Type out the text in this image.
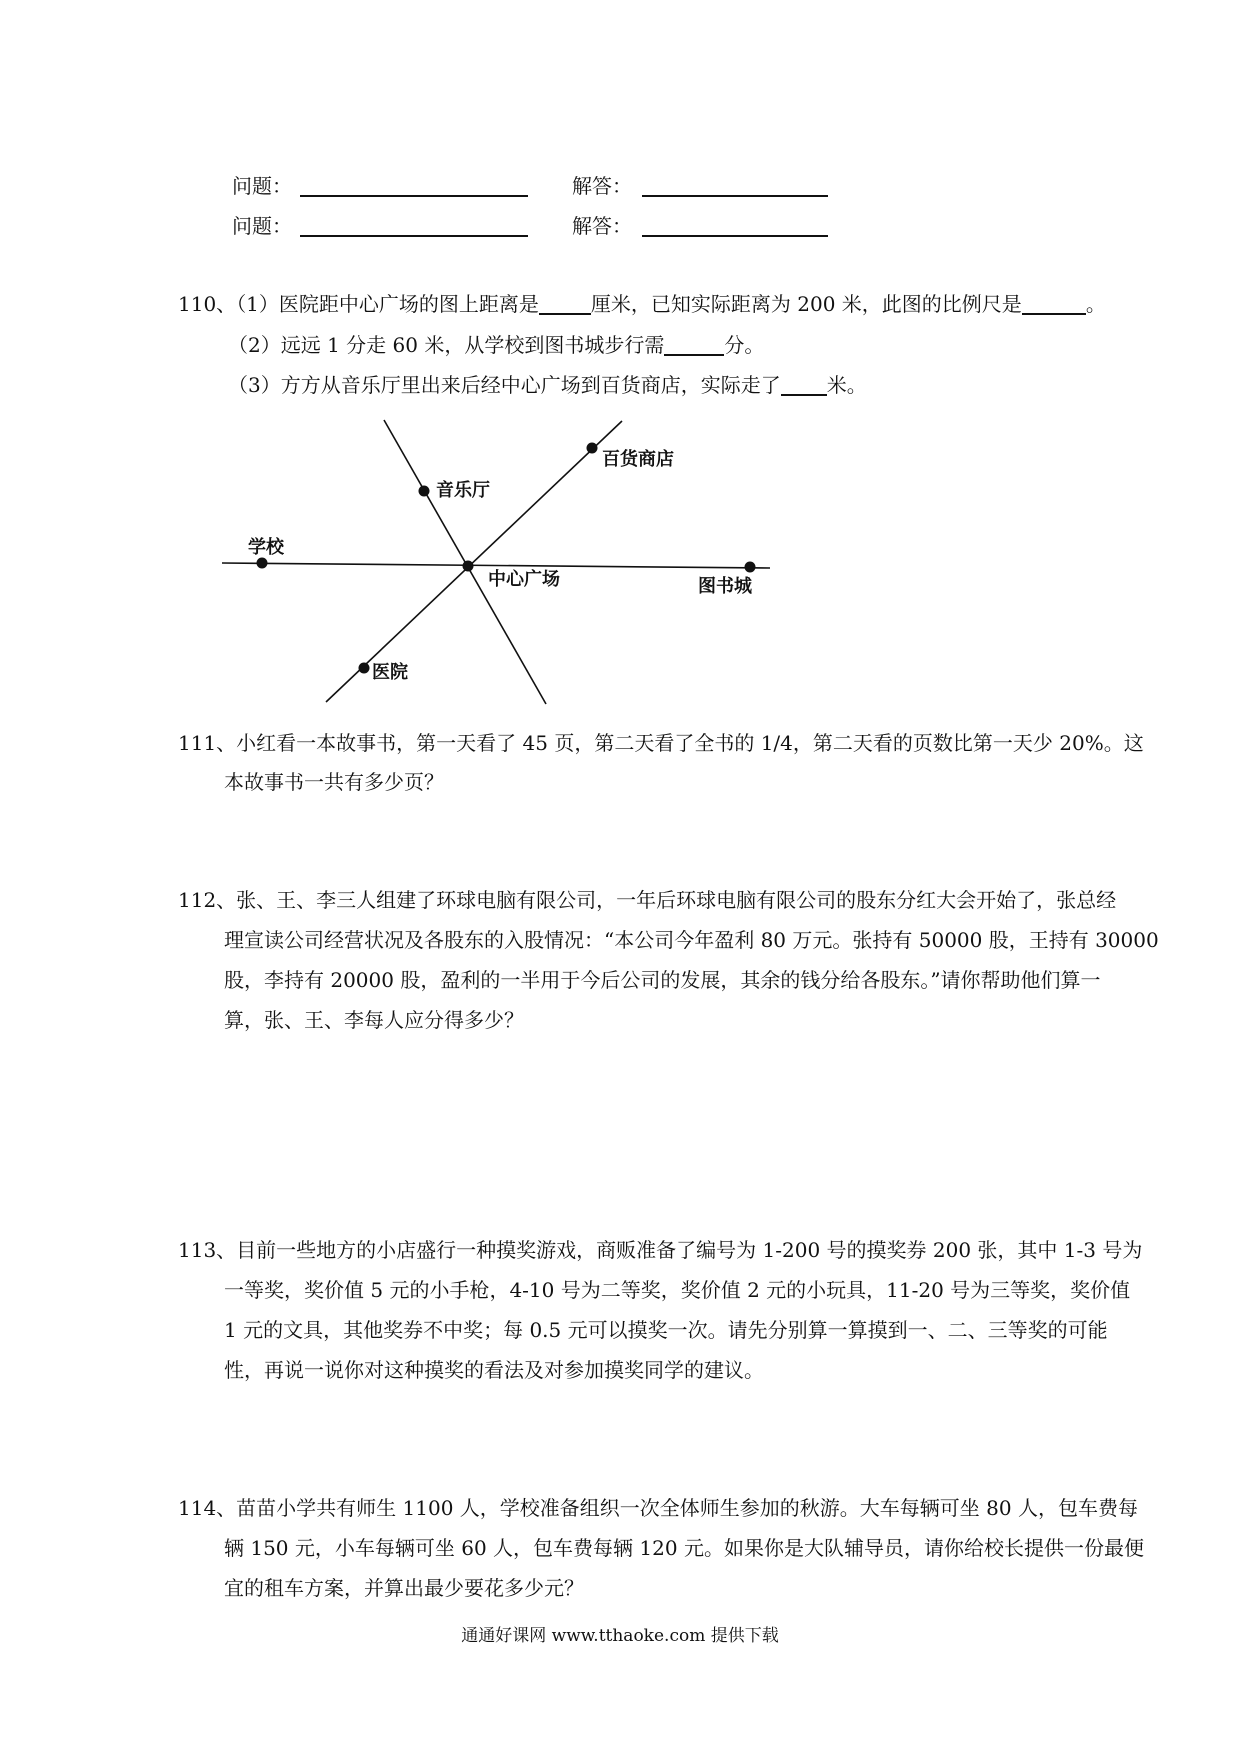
问题：	解答：
问题：	解答：
110、（1）医院距中心广场的图上距离是	厘米，已知实际距离为 200 米，此图的比例尺是	。
（2）远远 1 分走 60 米，从学校到图书城步行需	分。
（3）方方从音乐厅里出来后经中心广场到百货商店，实际走了 米。
音乐厅
百货商店
学校
中心广场	图书城
医院
111、小红看一本故事书，第一天看了 45 页，第二天看了全书的 1/4，第二天看的页数比第一天少 20%。这
本故事书一共有多少页？
112、张、王、李三人组建了环球电脑有限公司，一年后环球电脑有限公司的股东分红大会开始了，张总经
理宣读公司经营状况及各股东的入股情况：“本公司今年盈利 80 万元。张持有 50000 股，王持有 30000
股，李持有 20000 股，盈利的一半用于今后公司的发展，其余的钱分给各股东。”请你帮助他们算一
算，张、王、李每人应分得多少？
113、目前一些地方的小店盛行一种摸奖游戏，商贩准备了编号为 1-200 号的摸奖券 200 张，其中 1-3 号为
一等奖，奖价值 5 元的小手枪，4-10 号为二等奖，奖价值 2 元的小玩具，11-20 号为三等奖，奖价值
1 元的文具，其他奖券不中奖；每 0.5 元可以摸奖一次。请先分别算一算摸到一、二、三等奖的可能
性，再说一说你对这种摸奖的看法及对参加摸奖同学的建议。
114、苗苗小学共有师生 1100 人，学校准备组织一次全体师生参加的秋游。大车每辆可坐 80 人，包车费每
辆 150 元，小车每辆可坐 60 人，包车费每辆 120 元。如果你是大队辅导员，请你给校长提供一份最便
宜的租车方案，并算出最少要花多少元？
通通好课网 www.tthaoke.com 提供下载
